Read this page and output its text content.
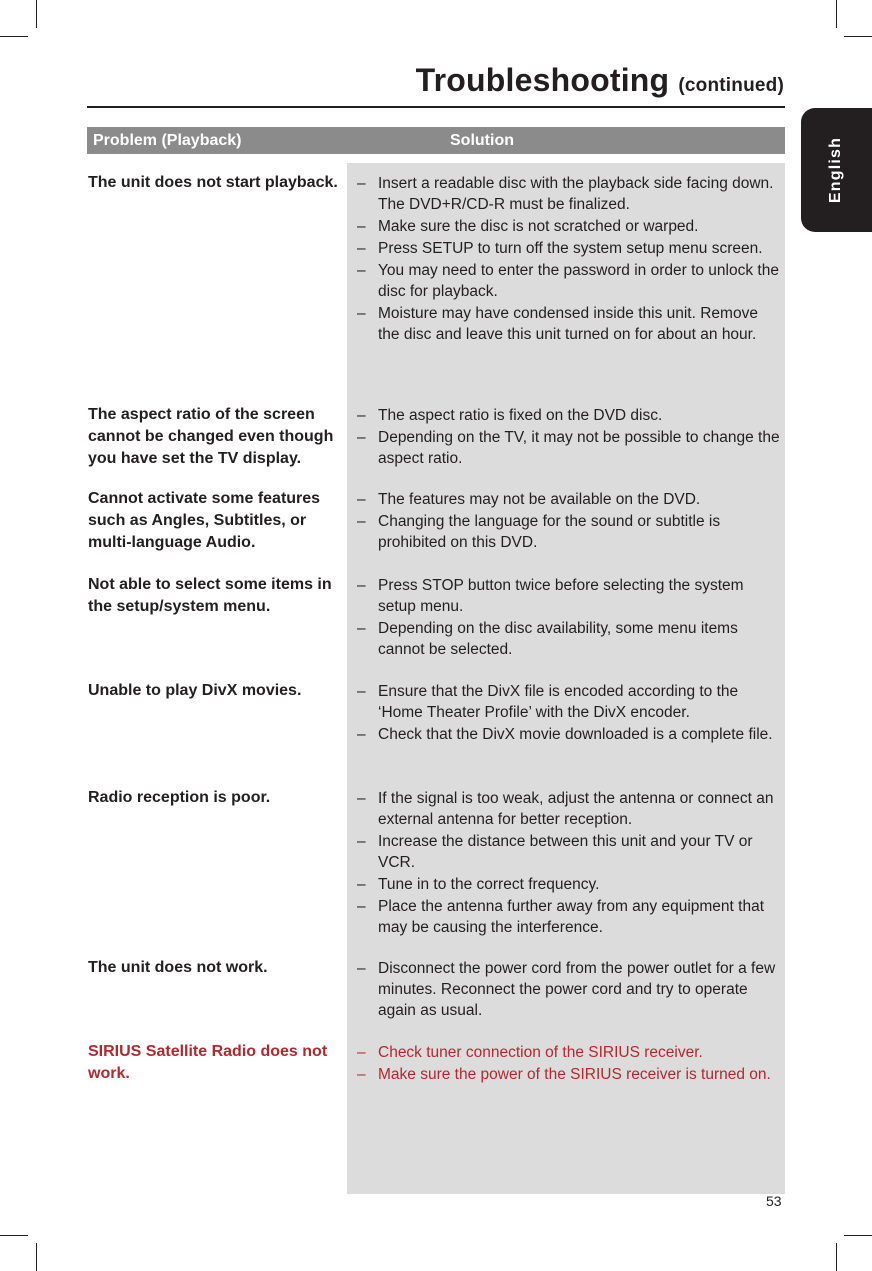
Troubleshooting (continued)
English
Problem (Playback)	Solution
The unit does not start playback.	– Insert a readable disc with the playback side facing down. The DVD+R/CD-R must be finalized.
– Make sure the disc is not scratched or warped.
– Press SETUP to turn off the system setup menu screen.
– You may need to enter the password in order to unlock the disc for playback.
– Moisture may have condensed inside this unit. Remove the disc and leave this unit turned on for about an hour.
The aspect ratio of the screen cannot be changed even though you have set the TV display.
– The aspect ratio is fixed on the DVD disc.
– Depending on the TV, it may not be possible to change the aspect ratio.
Cannot activate some features such as Angles, Subtitles, or multi-language Audio.
– The features may not be available on the DVD.
– Changing the language for the sound or subtitle is prohibited on this DVD.
Not able to select some items in the setup/system menu.
– Press STOP button twice before selecting the system setup menu.
– Depending on the disc availability, some menu items cannot be selected.
Unable to play DivX movies.	– Ensure that the DivX file is encoded according to the ‘Home Theater Profile’ with the DivX encoder.
– Check that the DivX movie downloaded is a complete file.
Radio reception is poor.	– If the signal is too weak, adjust the antenna or connect an external antenna for better reception.
– Increase the distance between this unit and your TV or VCR.
– Tune in to the correct frequency.
– Place the antenna further away from any equipment that may be causing the interference.
The unit does not work.	– Disconnect the power cord from the power outlet for a few minutes. Reconnect the power cord and try to operate again as usual.
SIRIUS Satellite Radio does not work.
– Check tuner connection of the SIRIUS receiver.
– Make sure the power of the SIRIUS receiver is turned on.
53
